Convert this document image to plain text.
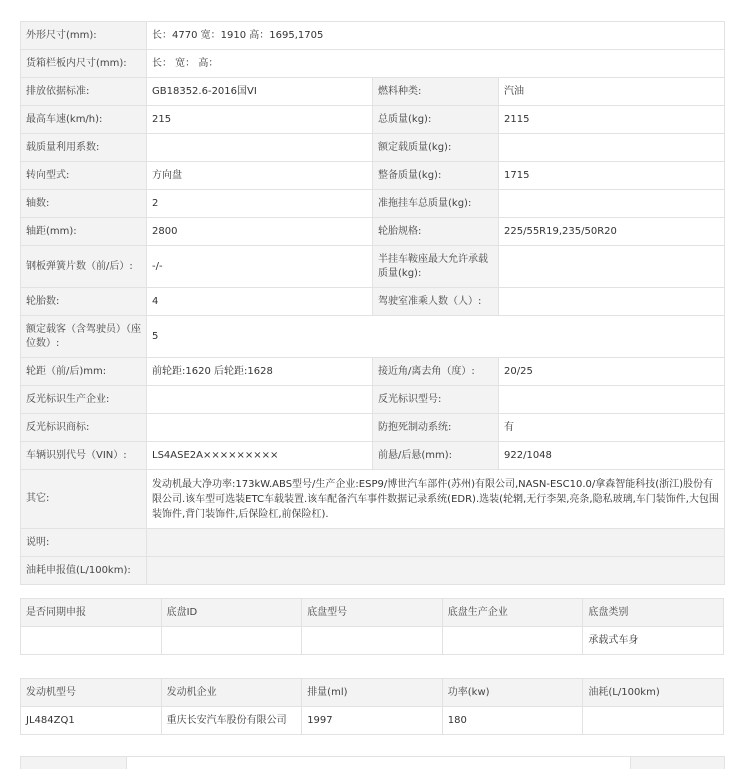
外形尺寸(mm):	长：4770 宽：1910 高：1695,1705		
货箱栏板内尺寸(mm):	长： 宽： 高：		
排放依据标准:	GB18352.6-2016国VI	燃料种类:	汽油
最高车速(km/h):	215	总质量(kg):	2115
载质量利用系数:		额定载质量(kg):	
转向型式:	方向盘	整备质量(kg):	1715
轴数:	2	准拖挂车总质量(kg):	
轴距(mm):	2800	轮胎规格:	225/55R19,235/50R20
钢板弹簧片数（前/后）:	-/-	半挂车鞍座最大允许承载质量(kg):	
轮胎数:	4	驾驶室准乘人数（人）:	
额定载客（含驾驶员）（座位数）:	5		
轮距（前/后)mm:	前轮距:1620 后轮距:1628	接近角/离去角（度）:	20/25
反光标识生产企业:		反光标识型号:	
反光标识商标:		防抱死制动系统:	有
车辆识别代号（VIN）:	LS4ASE2A×××××××××	前悬/后悬(mm):	922/1048
其它:	发动机最大净功率:173kW.ABS型号/生产企业:ESP9/博世汽车部件(苏州)有限公司,NASN-ESC10.0/拿森智能科技(浙江)股份有限公司.该车型可选装ETC车载装置.该车配备汽车事件数据记录系统(EDR).选装(轮辋,无行李架,亮条,隐私玻璃,车门装饰件,大包围装饰件,背门装饰件,后保险杠,前保险杠).		
说明:			
油耗申报值(L/100km):			
是否同期申报	底盘ID	底盘型号	底盘生产企业	底盘类别
				承载式车身
发动机型号	发动机企业	排量(ml)	功率(kw)	油耗(L/100km)
JL484ZQ1	重庆长安汽车股份有限公司	1997	180	
